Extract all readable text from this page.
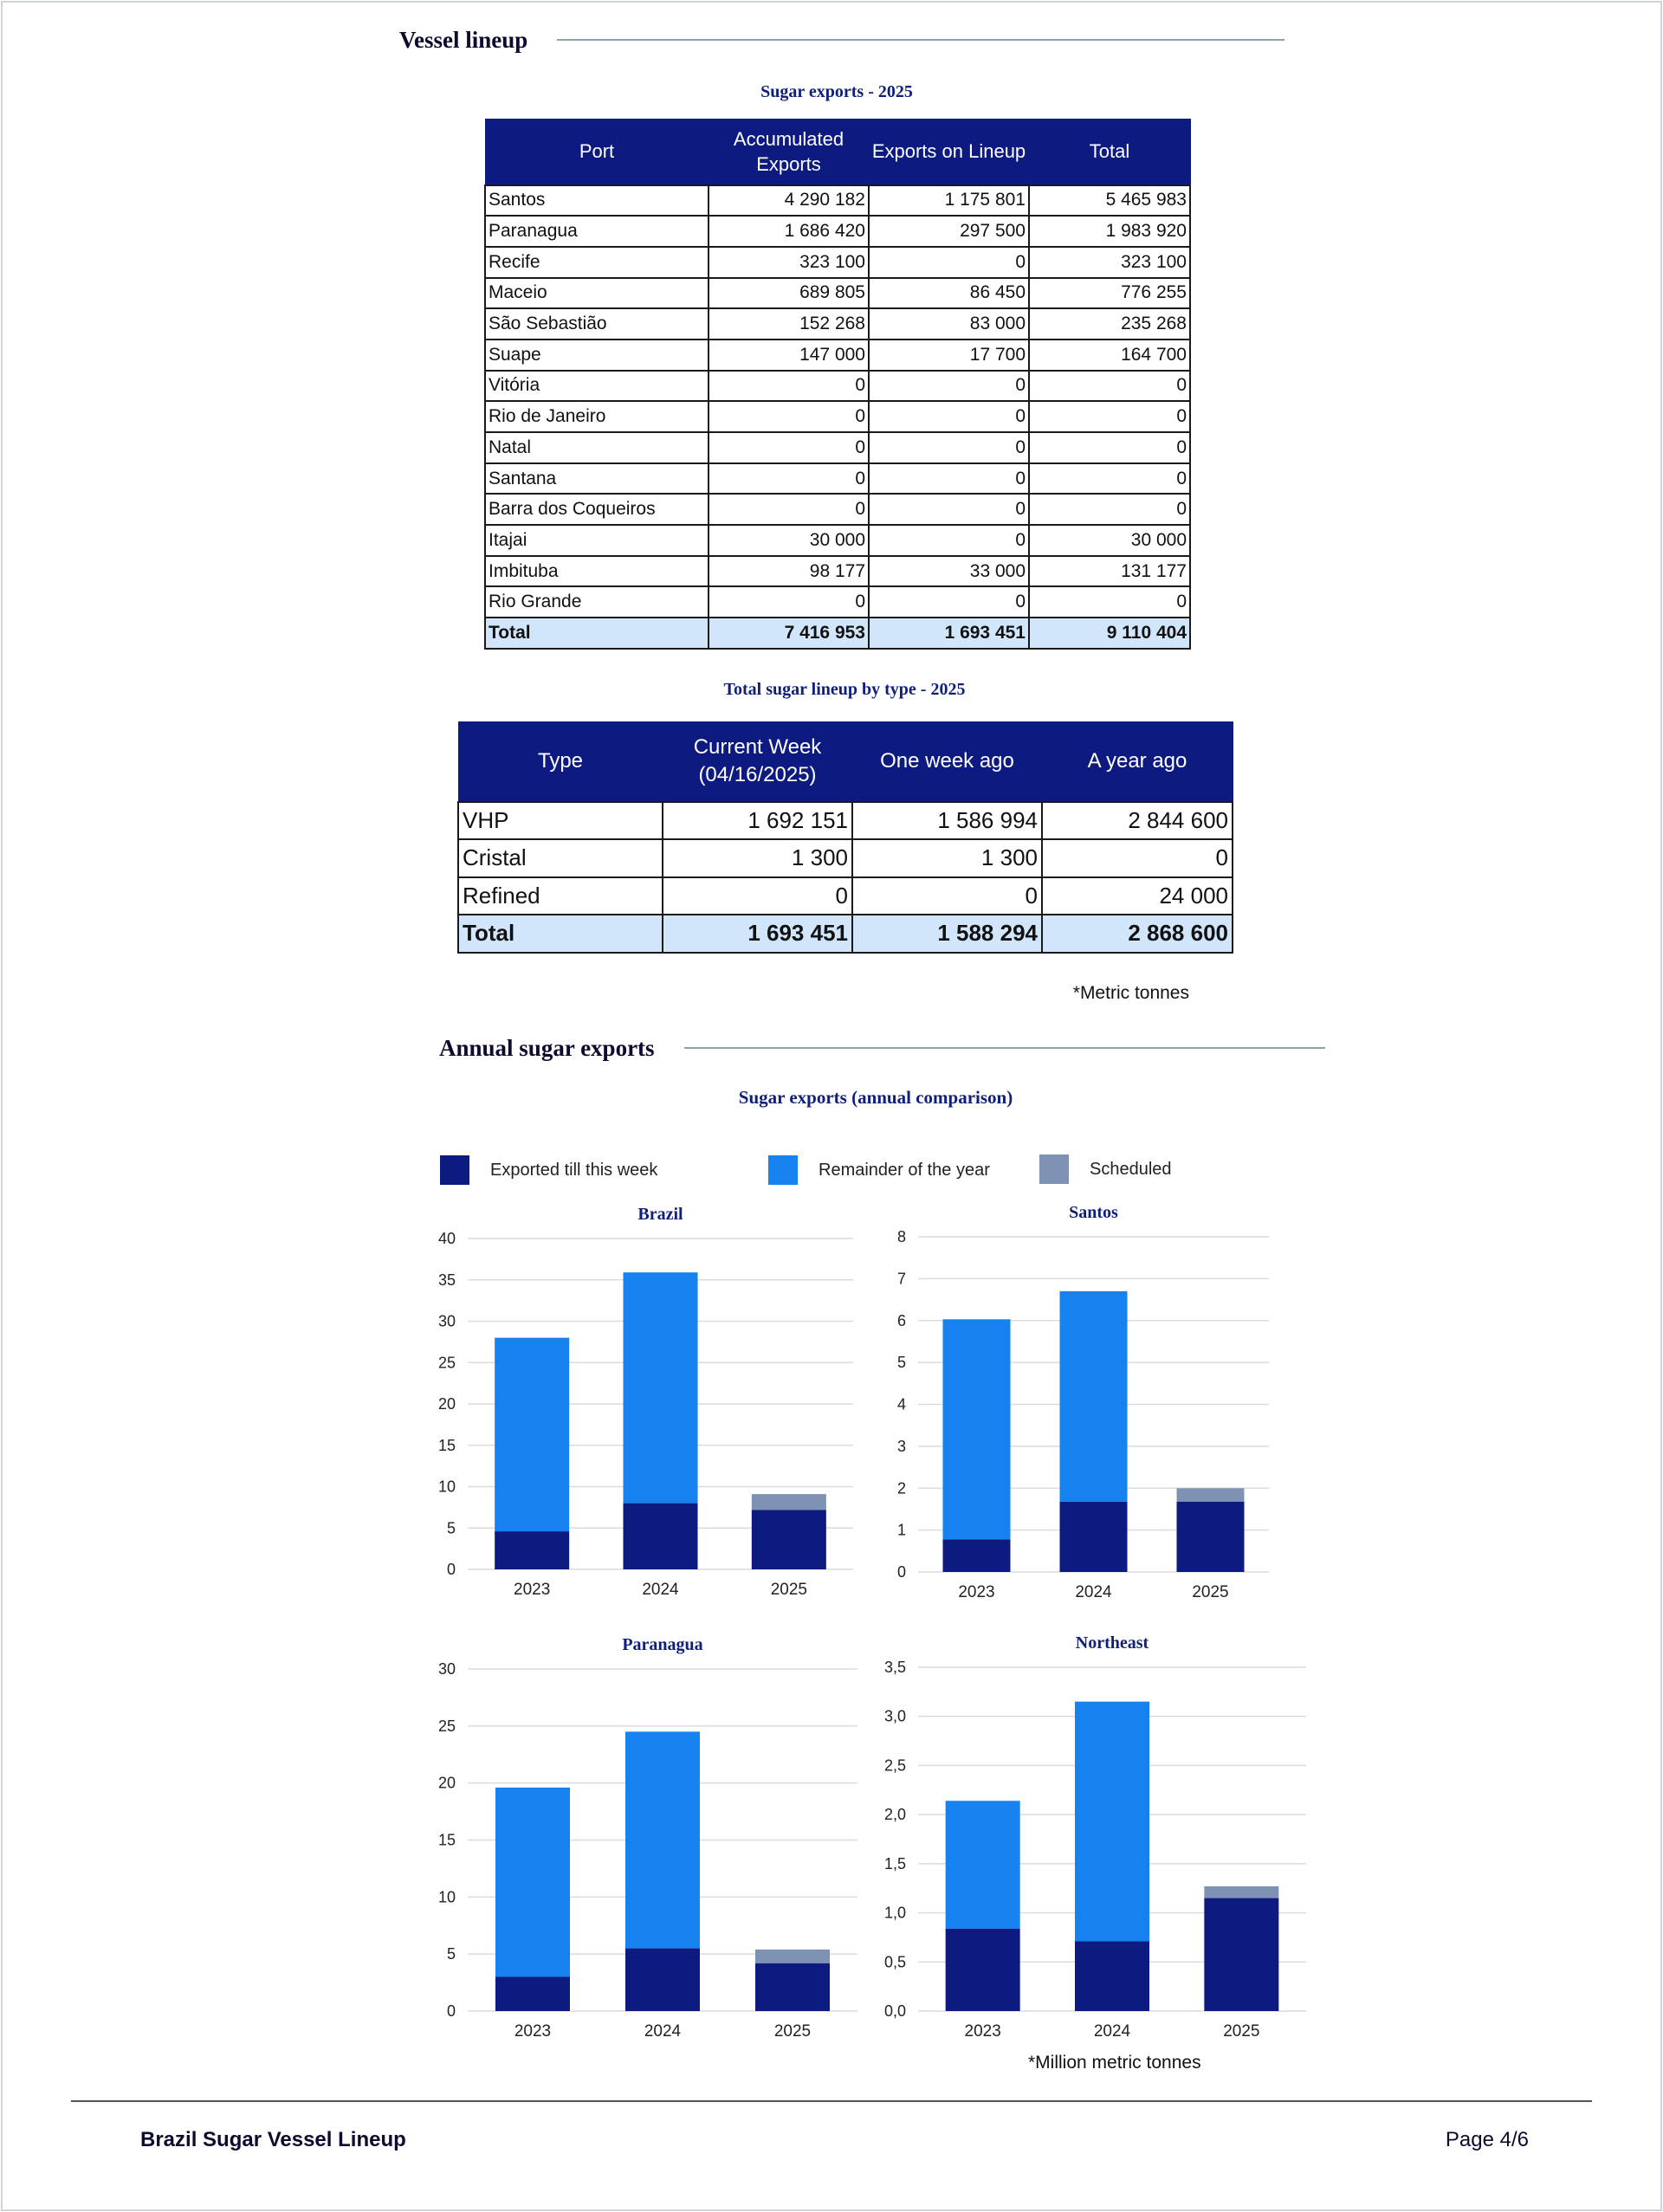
Vessel lineup
Sugar exports - 2025
Port	Accumulated Exports	Exports on Lineup	Total
Santos	4 290 182	1 175 801	5 465 983
Paranagua	1 686 420	297 500	1 983 920
Recife	323 100	0	323 100
Maceio	689 805	86 450	776 255
São Sebastião	152 268	83 000	235 268
Suape	147 000	17 700	164 700
Vitória	0	0	0
Rio de Janeiro	0	0	0
Natal	0	0	0
Santana	0	0	0
Barra dos Coqueiros	0	0	0
Itajai	30 000	0	30 000
Imbituba	98 177	33 000	131 177
Rio Grande	0	0	0
Total	7 416 953	1 693 451	9 110 404
Total sugar lineup by type - 2025
Type	Current Week (04/16/2025)	One week ago	A year ago
VHP	1 692 151	1 586 994	2 844 600
Cristal	1 300	1 300	0
Refined	0	0	24 000
Total	1 693 451	1 588 294	2 868 600
*Metric tonnes
Annual sugar exports
Sugar exports (annual comparison)
Exported till this week	Remainder of the year	Scheduled
Brazil
0
5
10
15
20
25
30
35
40
2023	2024	2025
Santos
0
1
2
3
4
5
6
7
8
2023	2024	2025
Paranagua
0
5
10
15
20
25
30
2023	2024	2025
Northeast
0,0
0,5
1,0
1,5
2,0
2,5
3,0
3,5
2023	2024	2025
*Million metric tonnes
Brazil Sugar Vessel Lineup	Page 4/6
